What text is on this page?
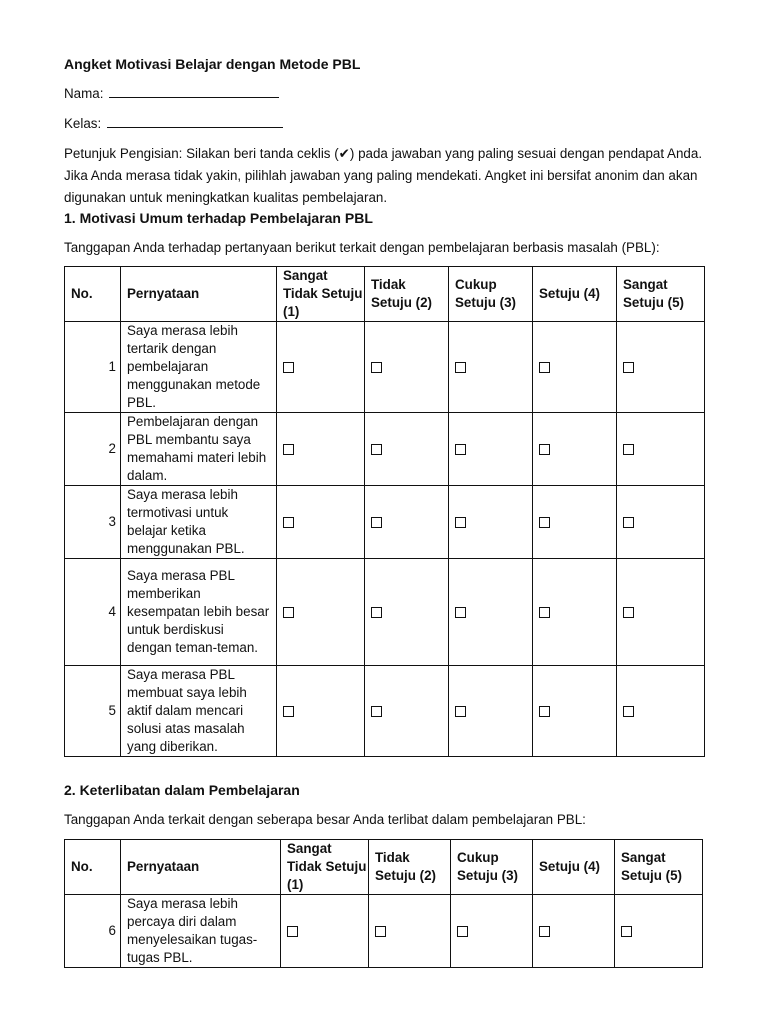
Angket Motivasi Belajar dengan Metode PBL
Nama:
Kelas:
Petunjuk Pengisian: Silakan beri tanda ceklis (✔) pada jawaban yang paling sesuai dengan pendapat Anda. Jika Anda merasa tidak yakin, pilihlah jawaban yang paling mendekati. Angket ini bersifat anonim dan akan digunakan untuk meningkatkan kualitas pembelajaran.
1. Motivasi Umum terhadap Pembelajaran PBL
Tanggapan Anda terhadap pertanyaan berikut terkait dengan pembelajaran berbasis masalah (PBL):
No.	Pernyataan	Sangat Tidak Setuju (1)	Tidak Setuju (2)	Cukup Setuju (3)	Setuju (4)	Sangat Setuju (5)
1	Saya merasa lebih tertarik dengan pembelajaran menggunakan metode PBL.					
2	Pembelajaran dengan PBL membantu saya memahami materi lebih dalam.					
3	Saya merasa lebih termotivasi untuk belajar ketika menggunakan PBL.					
4	Saya merasa PBL memberikan kesempatan lebih besar untuk berdiskusi dengan teman-teman.					
5	Saya merasa PBL membuat saya lebih aktif dalam mencari solusi atas masalah yang diberikan.					
2. Keterlibatan dalam Pembelajaran
Tanggapan Anda terkait dengan seberapa besar Anda terlibat dalam pembelajaran PBL:
No.	Pernyataan	Sangat Tidak Setuju (1)	Tidak Setuju (2)	Cukup Setuju (3)	Setuju (4)	Sangat Setuju (5)
6	Saya merasa lebih percaya diri dalam menyelesaikan tugas-tugas PBL.					
